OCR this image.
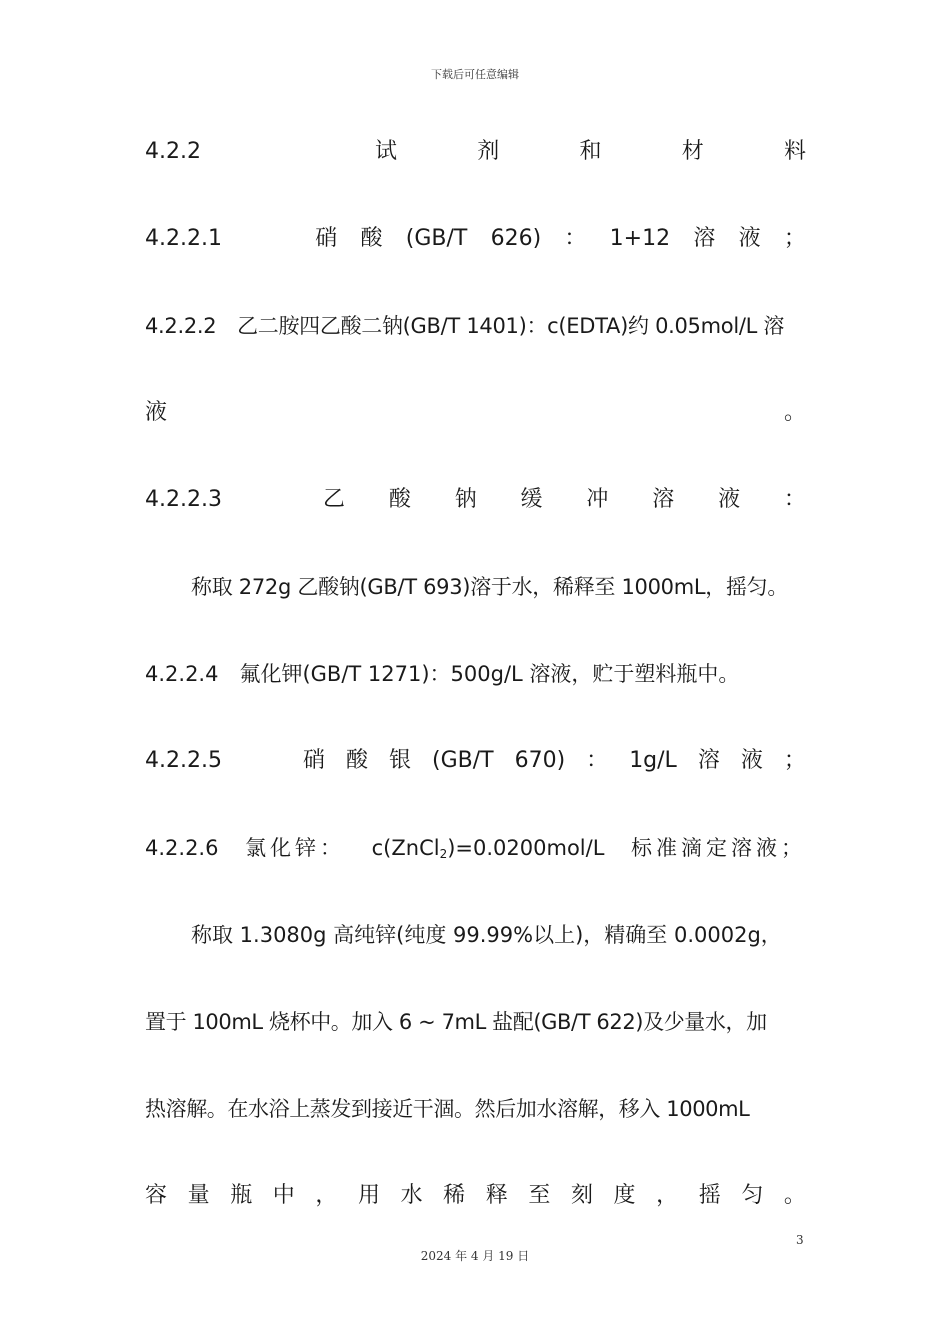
下载后可任意编辑
4.2.2	试	剂	和	材	料
4.2.2.1	硝 酸 (GB/T 626) ： 1+12 溶 液 ；
4.2.2.2　乙二胺四乙酸二钠(GB/T 1401)：c(EDTA)约 0.05mol/L 溶
液	。
4.2.2.3	乙 酸 钠 缓 冲 溶 液 ：
称取 272g 乙酸钠(GB/T 693)溶于水，稀释至 1000mL，摇匀。
4.2.2.4　氟化钾(GB/T 1271)：500g/L 溶液，贮于塑料瓶中。
4.2.2.5	硝 酸 银 (GB/T 670) ： 1g/L 溶 液 ；
4.2.2.6 氯化锌： c(ZnCl$_2$)=0.0200mol/L 标准滴定溶液；
称取 1.3080g 高纯锌(纯度 99.99%以上)，精确至 0.0002g，
置于 100mL 烧杯中。加入 6 ~ 7mL 盐配(GB/T 622)及少量水，加
热溶解。在水浴上蒸发到接近干涸。然后加水溶解，移入 1000mL
容 量 瓶 中 ， 用 水 稀 释 至 刻 度 ， 摇 匀 。
3
2024 年 4 月 19 日
